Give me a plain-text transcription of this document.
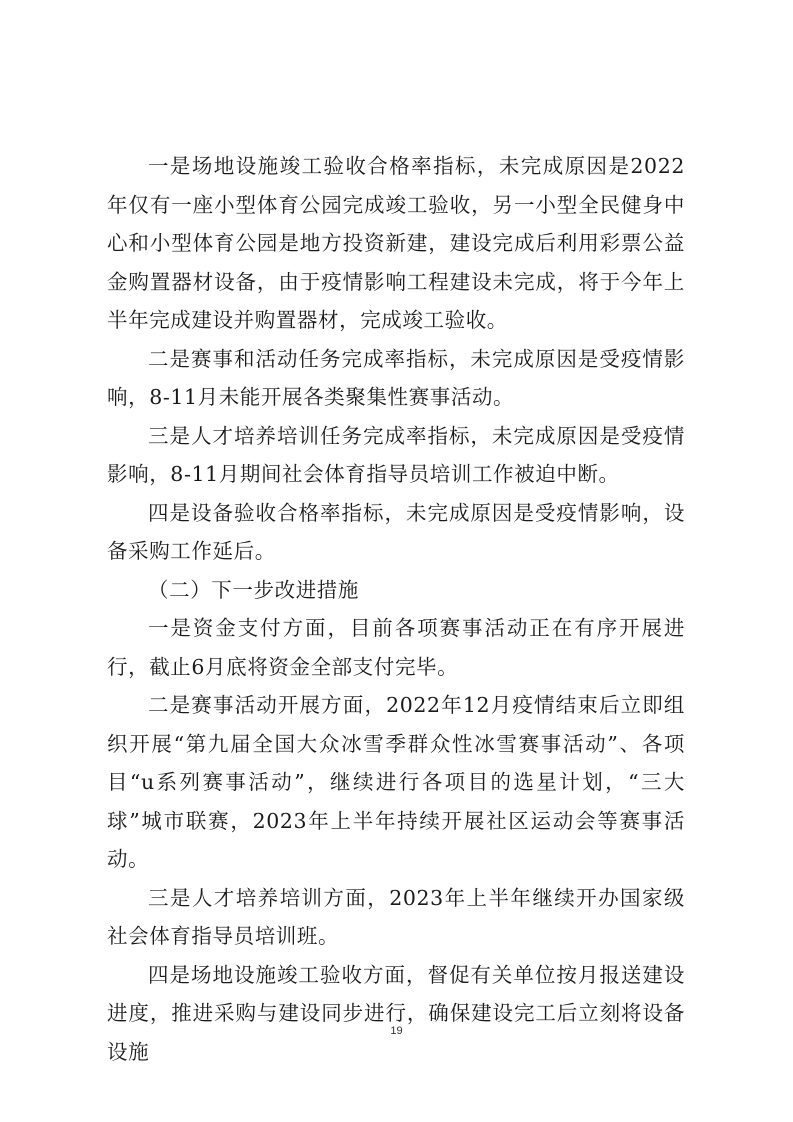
一是场地设施竣工验收合格率指标，未完成原因是2022年仅有一座小型体育公园完成竣工验收，另一小型全民健身中心和小型体育公园是地方投资新建，建设完成后利用彩票公益金购置器材设备，由于疫情影响工程建设未完成，将于今年上半年完成建设并购置器材，完成竣工验收。

二是赛事和活动任务完成率指标，未完成原因是受疫情影响，8-11月未能开展各类聚集性赛事活动。

三是人才培养培训任务完成率指标，未完成原因是受疫情影响，8-11月期间社会体育指导员培训工作被迫中断。

四是设备验收合格率指标，未完成原因是受疫情影响，设备采购工作延后。

（二）下一步改进措施

一是资金支付方面，目前各项赛事活动正在有序开展进行，截止6月底将资金全部支付完毕。

二是赛事活动开展方面，2022年12月疫情结束后立即组织开展“第九届全国大众冰雪季群众性冰雪赛事活动”、各项目“u系列赛事活动”，继续进行各项目的选星计划，“三大球”城市联赛，2023年上半年持续开展社区运动会等赛事活动。

三是人才培养培训方面，2023年上半年继续开办国家级社会体育指导员培训班。

四是场地设施竣工验收方面，督促有关单位按月报送建设进度，推进采购与建设同步进行，确保建设完工后立刻将设备设施

19
